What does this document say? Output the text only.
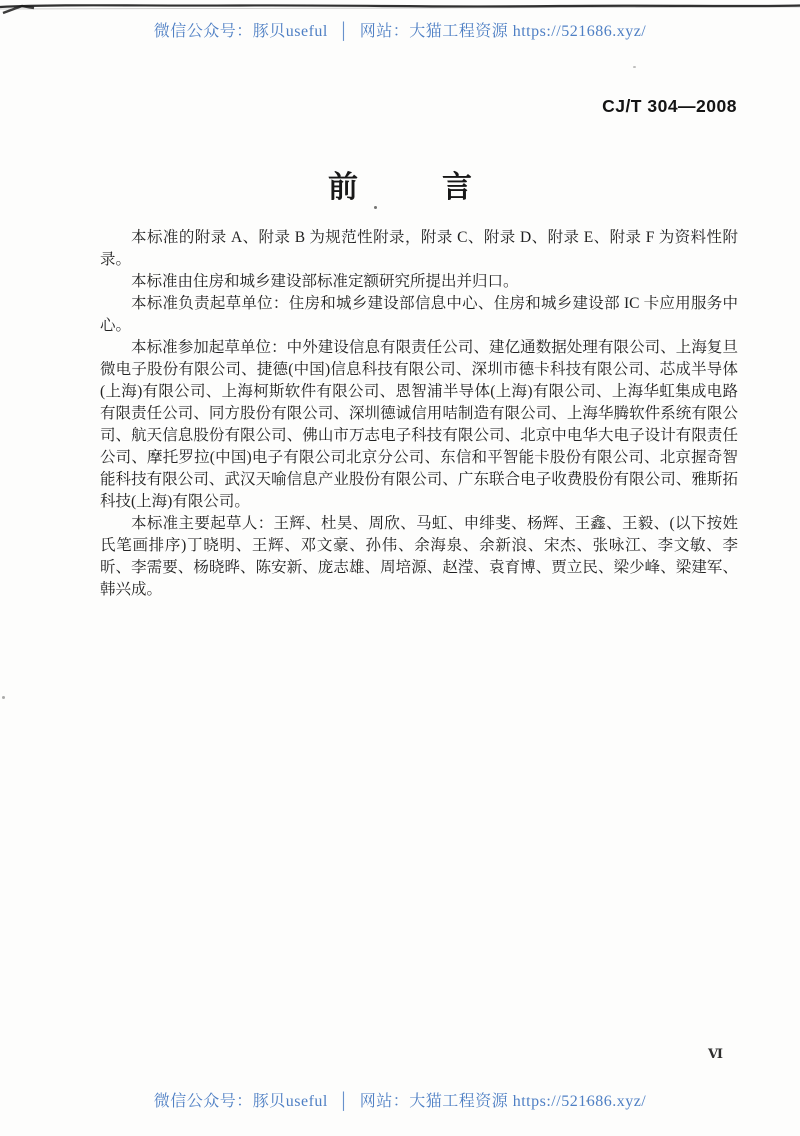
微信公众号：豚贝useful │ 网站：大猫工程资源 https://521686.xyz/
CJ/T 304—2008
前	言

本标准的附录 A、附录 B 为规范性附录，附录 C、附录 D、附录 E、附录 F 为资料性附录。

本标准由住房和城乡建设部标准定额研究所提出并归口。

本标准负责起草单位：住房和城乡建设部信息中心、住房和城乡建设部 IC 卡应用服务中心。

本标准参加起草单位：中外建设信息有限责任公司、建亿通数据处理有限公司、上海复旦微电子股份有限公司、捷德(中国)信息科技有限公司、深圳市德卡科技有限公司、芯成半导体(上海)有限公司、上海柯斯软件有限公司、恩智浦半导体(上海)有限公司、上海华虹集成电路有限责任公司、同方股份有限公司、深圳德诚信用咭制造有限公司、上海华腾软件系统有限公司、航天信息股份有限公司、佛山市万志电子科技有限公司、北京中电华大电子设计有限责任公司、摩托罗拉(中国)电子有限公司北京分公司、东信和平智能卡股份有限公司、北京握奇智能科技有限公司、武汉天喻信息产业股份有限公司、广东联合电子收费股份有限公司、雅斯拓科技(上海)有限公司。

本标准主要起草人：王辉、杜昊、周欣、马虹、申绯斐、杨辉、王鑫、王毅、(以下按姓氏笔画排序)丁晓明、王辉、邓文豪、孙伟、余海泉、余新浪、宋杰、张咏江、李文敏、李昕、李需要、杨晓晔、陈安新、庞志雄、周培源、赵滢、袁育博、贾立民、梁少峰、梁建军、韩兴成。

Ⅵ
微信公众号：豚贝useful │ 网站：大猫工程资源 https://521686.xyz/
